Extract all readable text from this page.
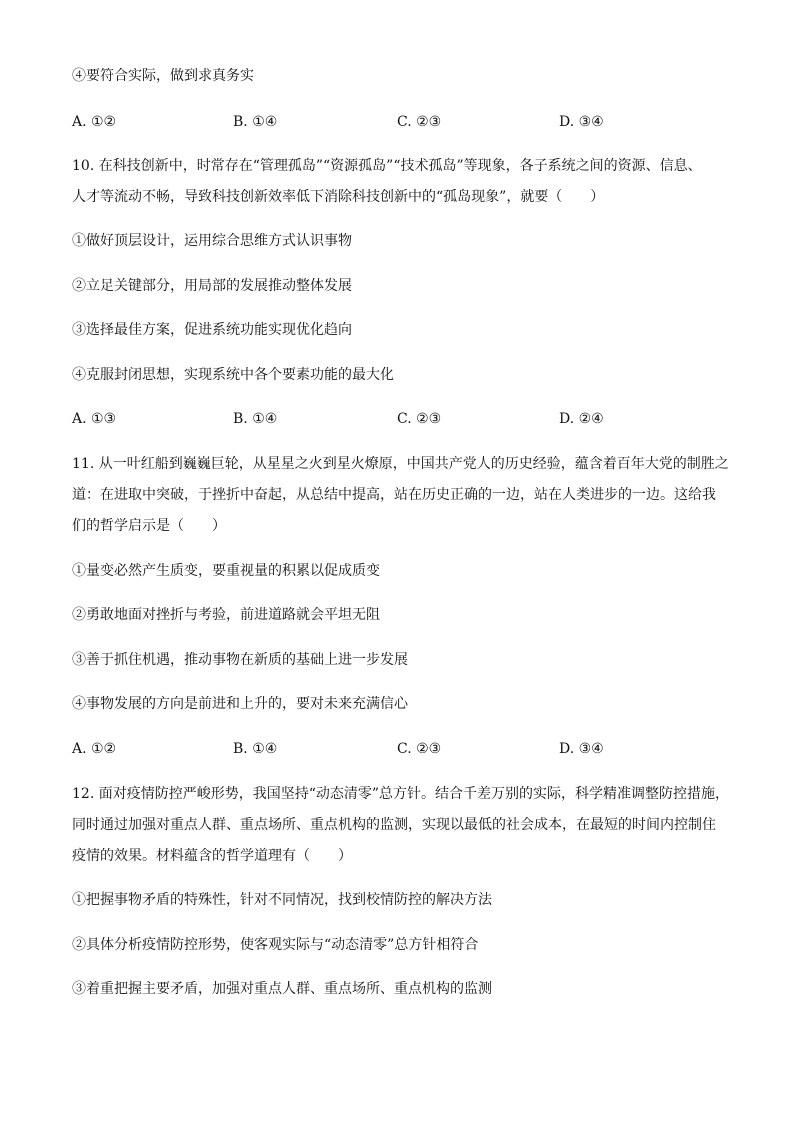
④要符合实际，做到求真务实
A. ①②	B. ①④	C. ②③	D. ③④
10. 在科技创新中，时常存在“管理孤岛”“资源孤岛”“技术孤岛”等现象，各子系统之间的资源、信息、
人才等流动不畅，导致科技创新效率低下消除科技创新中的“孤岛现象”，就要（　　）
①做好顶层设计，运用综合思维方式认识事物
②立足关键部分，用局部的发展推动整体发展
③选择最佳方案，促进系统功能实现优化趋向
④克服封闭思想，实现系统中各个要素功能的最大化
A. ①③	B. ①④	C. ②③	D. ②④
11. 从一叶红船到巍巍巨轮，从星星之火到星火燎原，中国共产党人的历史经验，蕴含着百年大党的制胜之
道：在进取中突破，于挫折中奋起，从总结中提高，站在历史正确的一边，站在人类进步的一边。这给我
们的哲学启示是（　　）
①量变必然产生质变，要重视量的积累以促成质变
②勇敢地面对挫折与考验，前进道路就会平坦无阻
③善于抓住机遇，推动事物在新质的基础上进一步发展
④事物发展的方向是前进和上升的，要对未来充满信心
A. ①②	B. ①④	C. ②③	D. ③④
12. 面对疫情防控严峻形势，我国坚持“动态清零”总方针。结合千差万别的实际，科学精准调整防控措施，
同时通过加强对重点人群、重点场所、重点机构的监测，实现以最低的社会成本，在最短的时间内控制住
疫情的效果。材料蕴含的哲学道理有（　　）
①把握事物矛盾的特殊性，针对不同情况，找到校情防控的解决方法
②具体分析疫情防控形势，使客观实际与“动态清零”总方针相符合
③着重把握主要矛盾，加强对重点人群、重点场所、重点机构的监测
